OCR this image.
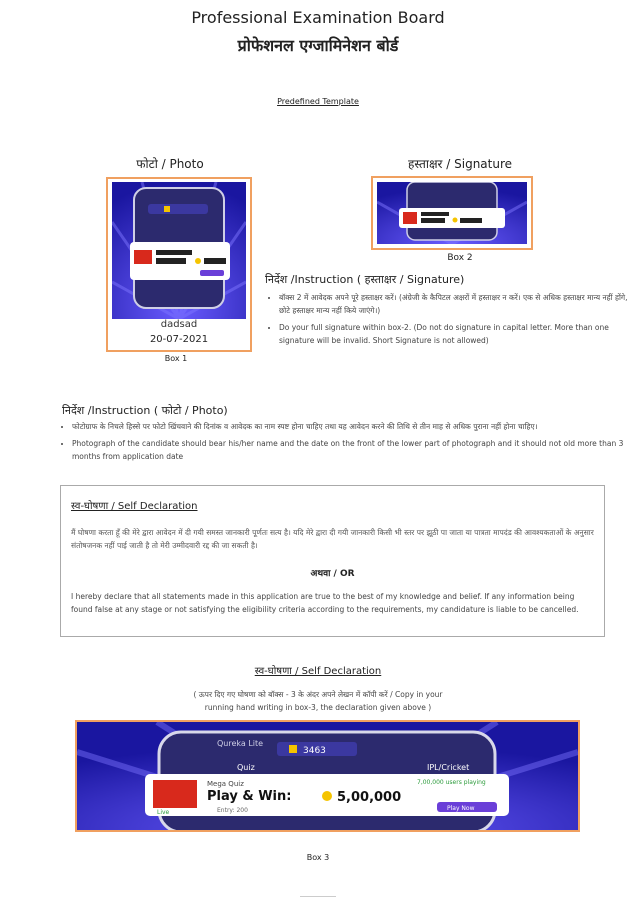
Professional Examination Board
प्रोफेशनल एग्जामिनेशन बोर्ड
Predefined Template
फोटो / Photo	हस्ताक्षर / Signature
dadsad
20-07-2021
Box 1
Box 2
निर्देश /Instruction ( हस्ताक्षर / Signature)
• बॉक्स 2 में आवेदक अपने पूरे हस्ताक्षर करें। (अंग्रेजी के कैपिटल अक्षरों में हस्ताक्षर न करें। एक से अधिक हस्ताक्षर मान्य नहीं होंगे, छोटे हस्ताक्षर मान्य नहीं किये जाएंगे।)
• Do your full signature within box-2. (Do not do signature in capital letter. More than one signature will be invalid. Short Signature is not allowed)
निर्देश /Instruction ( फोटो / Photo)
• फोटोग्राफ के निचले हिस्से पर फोटो खिंचवाने की दिनांक व आवेदक का नाम स्पष्ट होना चाहिए तथा यह आवेदन करने की तिथि से तीन माह से अधिक पुराना नहीं होना चाहिए।
• Photograph of the candidate should bear his/her name and the date on the front of the lower part of photograph and it should not old more than 3 months from application date
स्व-घोषणा / Self Declaration
मैं घोषणा करता हूँ की मेरे द्वारा आवेदन में दी गयी समस्त जानकारी पूर्णतः सत्य है। यदि मेरे द्वारा दी गयी जानकारी किसी भी स्तर पर झूठी पा जाता या पात्रता मापदंड की आवश्यकताओं के अनुसार संतोषजनक नहीं पाई जाती है तो मेरी उम्मीदवारी रद्द की जा सकती है।
अथवा / OR
I hereby declare that all statements made in this application are true to the best of my knowledge and belief. If any information being found false at any stage or not satisfying the eligibility criteria according to the requirements, my candidature is liable to be cancelled.
स्व-घोषणा / Self Declaration
( ऊपर दिए गए घोषणा को बॉक्स - 3 के अंदर अपने लेखन में कॉपी करें / Copy in your running hand writing in box-3, the declaration given above )
Qureka Lite
3463
Quiz	IPL/Cricket
Mega Quiz
Play & Win:	5,00,000
7,00,000 users playing
Entry: 200
Live
Play Now
Box 3
